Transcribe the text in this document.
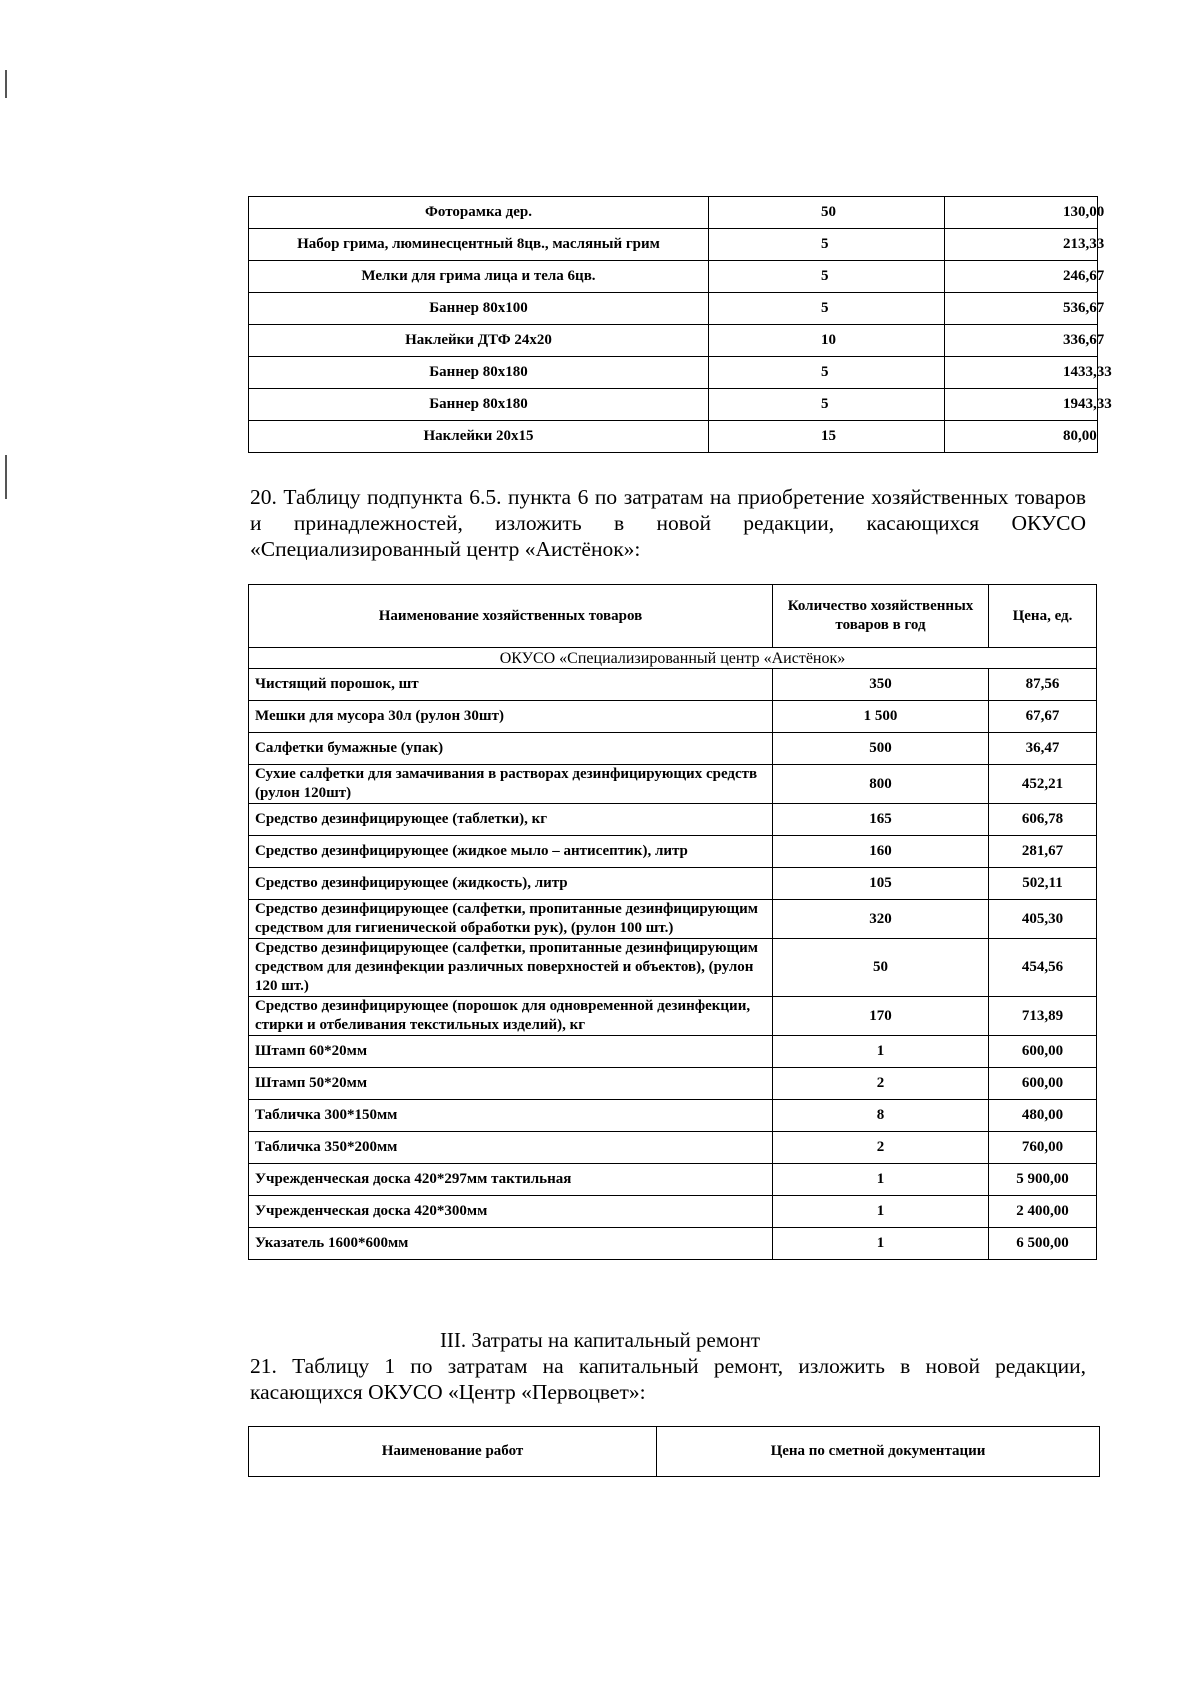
Фоторамка дер.	50	130,00
Набор грима, люминесцентный 8цв., масляный грим	5	213,33
Мелки для грима лица и тела 6цв.	5	246,67
Баннер 80х100	5	536,67
Наклейки ДТФ 24х20	10	336,67
Баннер 80х180	5	1433,33
Баннер 80х180	5	1943,33
Наклейки 20х15	15	80,00
20. Таблицу подпункта 6.5. пункта 6 по затратам на приобретение хозяйственных товаров и принадлежностей, изложить в новой редакции, касающихся ОКУСО «Специализированный центр «Аистёнок»:
Наименование хозяйственных товаров	Количество хозяйственных товаров в год	Цена, ед.
ОКУСО «Специализированный центр «Аистёнок»		
Чистящий порошок, шт	350	87,56
Мешки для мусора 30л (рулон 30шт)	1 500	67,67
Салфетки бумажные (упак)	500	36,47
Сухие салфетки для замачивания в растворах дезинфицирующих средств (рулон 120шт)	800	452,21
Средство дезинфицирующее (таблетки), кг	165	606,78
Средство дезинфицирующее (жидкое мыло – антисептик), литр	160	281,67
Средство дезинфицирующее (жидкость), литр	105	502,11
Средство дезинфицирующее (салфетки, пропитанные дезинфицирующим средством для гигиенической обработки рук), (рулон 100 шт.)	320	405,30
Средство дезинфицирующее (салфетки, пропитанные дезинфицирующим средством для дезинфекции различных поверхностей и объектов), (рулон 120 шт.)	50	454,56
Средство дезинфицирующее (порошок для одновременной дезинфекции, стирки и отбеливания текстильных изделий), кг	170	713,89
Штамп 60*20мм	1	600,00
Штамп 50*20мм	2	600,00
Табличка 300*150мм	8	480,00
Табличка 350*200мм	2	760,00
Учрежденческая доска 420*297мм тактильная	1	5 900,00
Учрежденческая доска 420*300мм	1	2 400,00
Указатель 1600*600мм	1	6 500,00
III. Затраты на капитальный ремонт
21. Таблицу 1 по затратам на капитальный ремонт, изложить в новой редакции, касающихся ОКУСО «Центр «Первоцвет»:
Наименование работ	Цена по сметной документации
